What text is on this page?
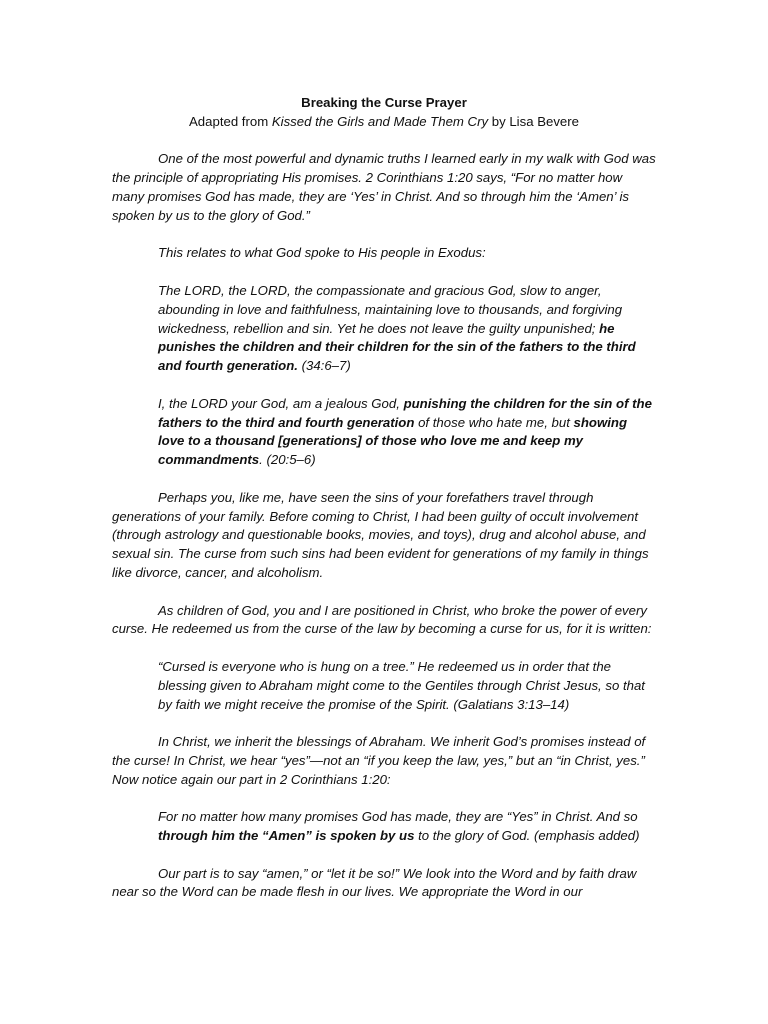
Breaking the Curse Prayer

Adapted from Kissed the Girls and Made Them Cry by Lisa Bevere

One of the most powerful and dynamic truths I learned early in my walk with God was the principle of appropriating His promises. 2 Corinthians 1:20 says, “For no matter how many promises God has made, they are ‘Yes’ in Christ. And so through him the ‘Amen’ is spoken by us to the glory of God.”

This relates to what God spoke to His people in Exodus:

The LORD, the LORD, the compassionate and gracious God, slow to anger, abounding in love and faithfulness, maintaining love to thousands, and forgiving wickedness, rebellion and sin. Yet he does not leave the guilty unpunished; he punishes the children and their children for the sin of the fathers to the third and fourth generation. (34:6–7)

I, the LORD your God, am a jealous God, punishing the children for the sin of the fathers to the third and fourth generation of those who hate me, but showing love to a thousand [generations] of those who love me and keep my commandments. (20:5–6)

Perhaps you, like me, have seen the sins of your forefathers travel through generations of your family. Before coming to Christ, I had been guilty of occult involvement (through astrology and questionable books, movies, and toys), drug and alcohol abuse, and sexual sin. The curse from such sins had been evident for generations of my family in things like divorce, cancer, and alcoholism.

As children of God, you and I are positioned in Christ, who broke the power of every curse. He redeemed us from the curse of the law by becoming a curse for us, for it is written:

“Cursed is everyone who is hung on a tree.” He redeemed us in order that the blessing given to Abraham might come to the Gentiles through Christ Jesus, so that by faith we might receive the promise of the Spirit. (Galatians 3:13–14)

In Christ, we inherit the blessings of Abraham. We inherit God’s promises instead of the curse! In Christ, we hear “yes”—not an “if you keep the law, yes,” but an “in Christ, yes.” Now notice again our part in 2 Corinthians 1:20:

For no matter how many promises God has made, they are “Yes” in Christ. And so through him the “Amen” is spoken by us to the glory of God. (emphasis added)

Our part is to say “amen,” or “let it be so!” We look into the Word and by faith draw near so the Word can be made flesh in our lives. We appropriate the Word in our
